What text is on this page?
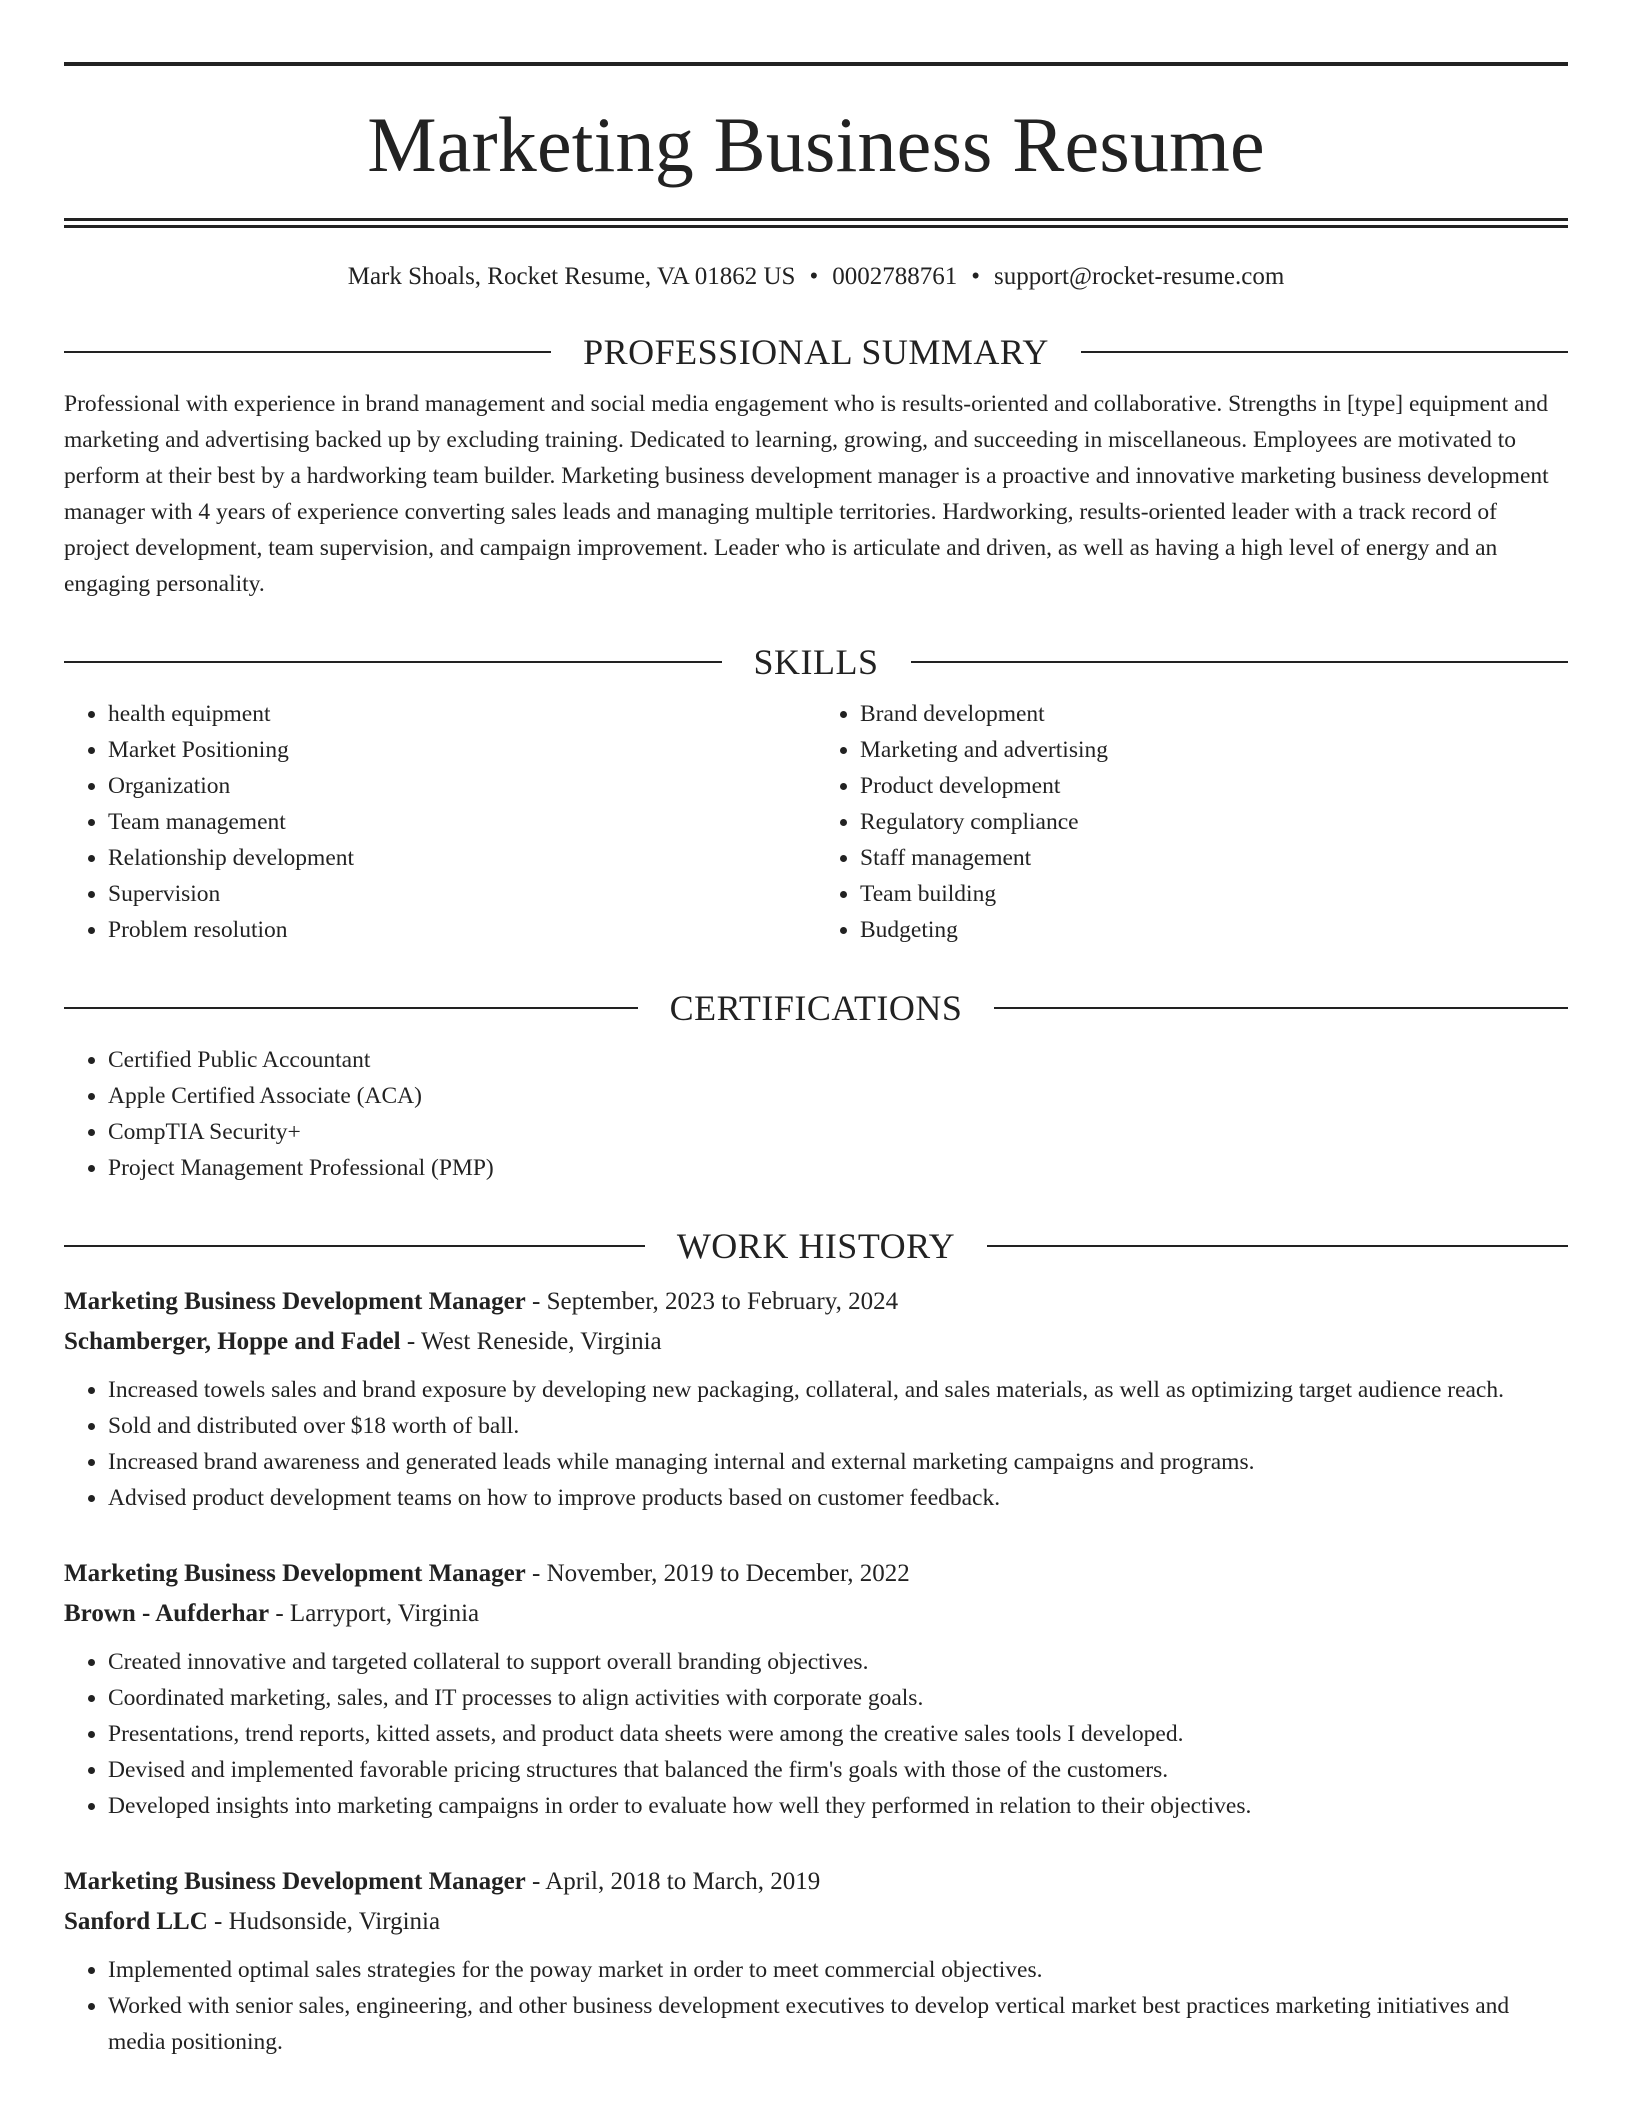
Marketing Business Resume
Mark Shoals, Rocket Resume, VA 01862 US • 0002788761 • support@rocket-resume.com
PROFESSIONAL SUMMARY

Professional with experience in brand management and social media engagement who is results-oriented and collaborative. Strengths in [type] equipment and marketing and advertising backed up by excluding training. Dedicated to learning, growing, and succeeding in miscellaneous. Employees are motivated to perform at their best by a hardworking team builder. Marketing business development manager is a proactive and innovative marketing business development manager with 4 years of experience converting sales leads and managing multiple territories. Hardworking, results-oriented leader with a track record of project development, team supervision, and campaign improvement. Leader who is articulate and driven, as well as having a high level of energy and an engaging personality.

SKILLS
• health equipment
• Market Positioning
• Organization
• Team management
• Relationship development
• Supervision
• Problem resolution
• Brand development
• Marketing and advertising
• Product development
• Regulatory compliance
• Staff management
• Team building
• Budgeting
CERTIFICATIONS
• Certified Public Accountant
• Apple Certified Associate (ACA)
• CompTIA Security+
• Project Management Professional (PMP)
WORK HISTORY
Marketing Business Development Manager - September, 2023 to February, 2024
Schamberger, Hoppe and Fadel - West Reneside, Virginia
• Increased towels sales and brand exposure by developing new packaging, collateral, and sales materials, as well as optimizing target audience reach.
• Sold and distributed over $18 worth of ball.
• Increased brand awareness and generated leads while managing internal and external marketing campaigns and programs.
• Advised product development teams on how to improve products based on customer feedback.
Marketing Business Development Manager - November, 2019 to December, 2022
Brown - Aufderhar - Larryport, Virginia
• Created innovative and targeted collateral to support overall branding objectives.
• Coordinated marketing, sales, and IT processes to align activities with corporate goals.
• Presentations, trend reports, kitted assets, and product data sheets were among the creative sales tools I developed.
• Devised and implemented favorable pricing structures that balanced the firm's goals with those of the customers.
• Developed insights into marketing campaigns in order to evaluate how well they performed in relation to their objectives.
Marketing Business Development Manager - April, 2018 to March, 2019
Sanford LLC - Hudsonside, Virginia
• Implemented optimal sales strategies for the poway market in order to meet commercial objectives.
• Worked with senior sales, engineering, and other business development executives to develop vertical market best practices marketing initiatives and media positioning.
